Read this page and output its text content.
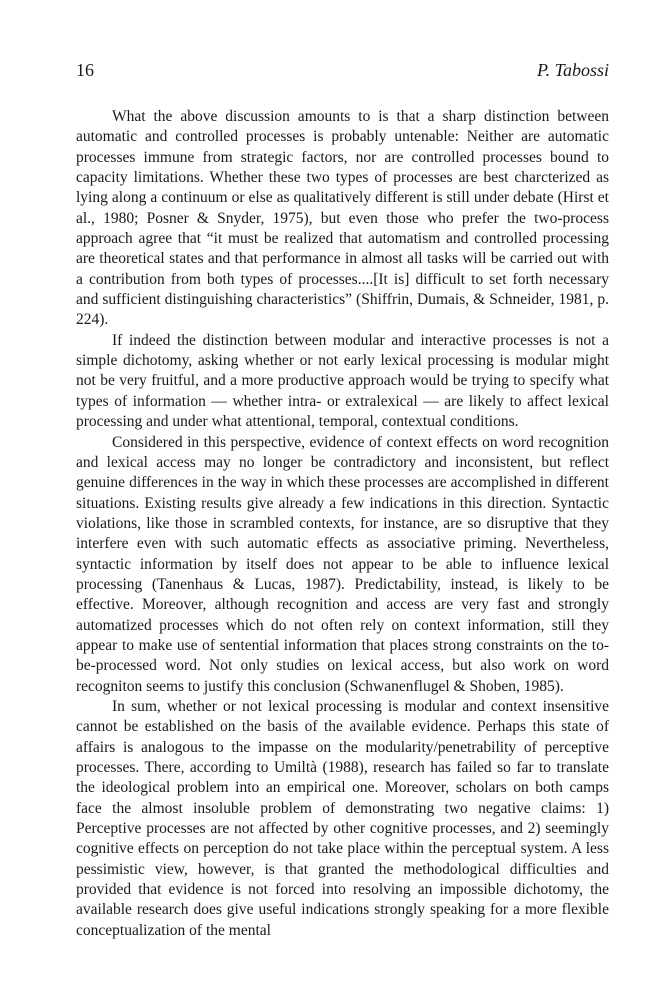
16	P. Tabossi

What the above discussion amounts to is that a sharp distinction between automatic and controlled processes is probably untenable: Neither are automatic processes immune from strategic factors, nor are controlled processes bound to capacity limitations. Whether these two types of processes are best charcterized as lying along a continuum or else as qualitatively different is still under debate (Hirst et al., 1980; Posner & Snyder, 1975), but even those who prefer the two-process approach agree that “it must be realized that automatism and controlled processing are theoretical states and that performance in almost all tasks will be carried out with a contribution from both types of processes....[It is] difficult to set forth necessary and sufficient distinguishing characteristics” (Shiffrin, Dumais, & Schneider, 1981, p. 224).

If indeed the distinction between modular and interactive processes is not a simple dichotomy, asking whether or not early lexical processing is modular might not be very fruitful, and a more productive approach would be trying to specify what types of information — whether intra- or extralexical — are likely to affect lexical processing and under what attentional, temporal, contextual conditions.

Considered in this perspective, evidence of context effects on word recognition and lexical access may no longer be contradictory and inconsistent, but reflect genuine differences in the way in which these processes are accomplished in different situations. Existing results give already a few indications in this direction. Syntactic violations, like those in scrambled contexts, for instance, are so disruptive that they interfere even with such automatic effects as associative priming. Nevertheless, syntactic information by itself does not appear to be able to influence lexical processing (Tanenhaus & Lucas, 1987). Predictability, instead, is likely to be effective. Moreover, although recognition and access are very fast and strongly automatized processes which do not often rely on context information, still they appear to make use of sentential information that places strong constraints on the to-be-processed word. Not only studies on lexical access, but also work on word recogniton seems to justify this conclusion (Schwanenflugel & Shoben, 1985).

In sum, whether or not lexical processing is modular and context insensitive cannot be established on the basis of the available evidence. Perhaps this state of affairs is analogous to the impasse on the modularity/penetrability of perceptive processes. There, according to Umiltà (1988), research has failed so far to translate the ideological problem into an empirical one. Moreover, scholars on both camps face the almost insoluble problem of demonstrating two negative claims: 1) Perceptive processes are not affected by other cognitive processes, and 2) seemingly cognitive effects on perception do not take place within the perceptual system. A less pessimistic view, however, is that granted the methodological difficulties and provided that evidence is not forced into resolving an impossible dichotomy, the available research does give useful indications strongly speaking for a more flexible conceptualization of the mental
